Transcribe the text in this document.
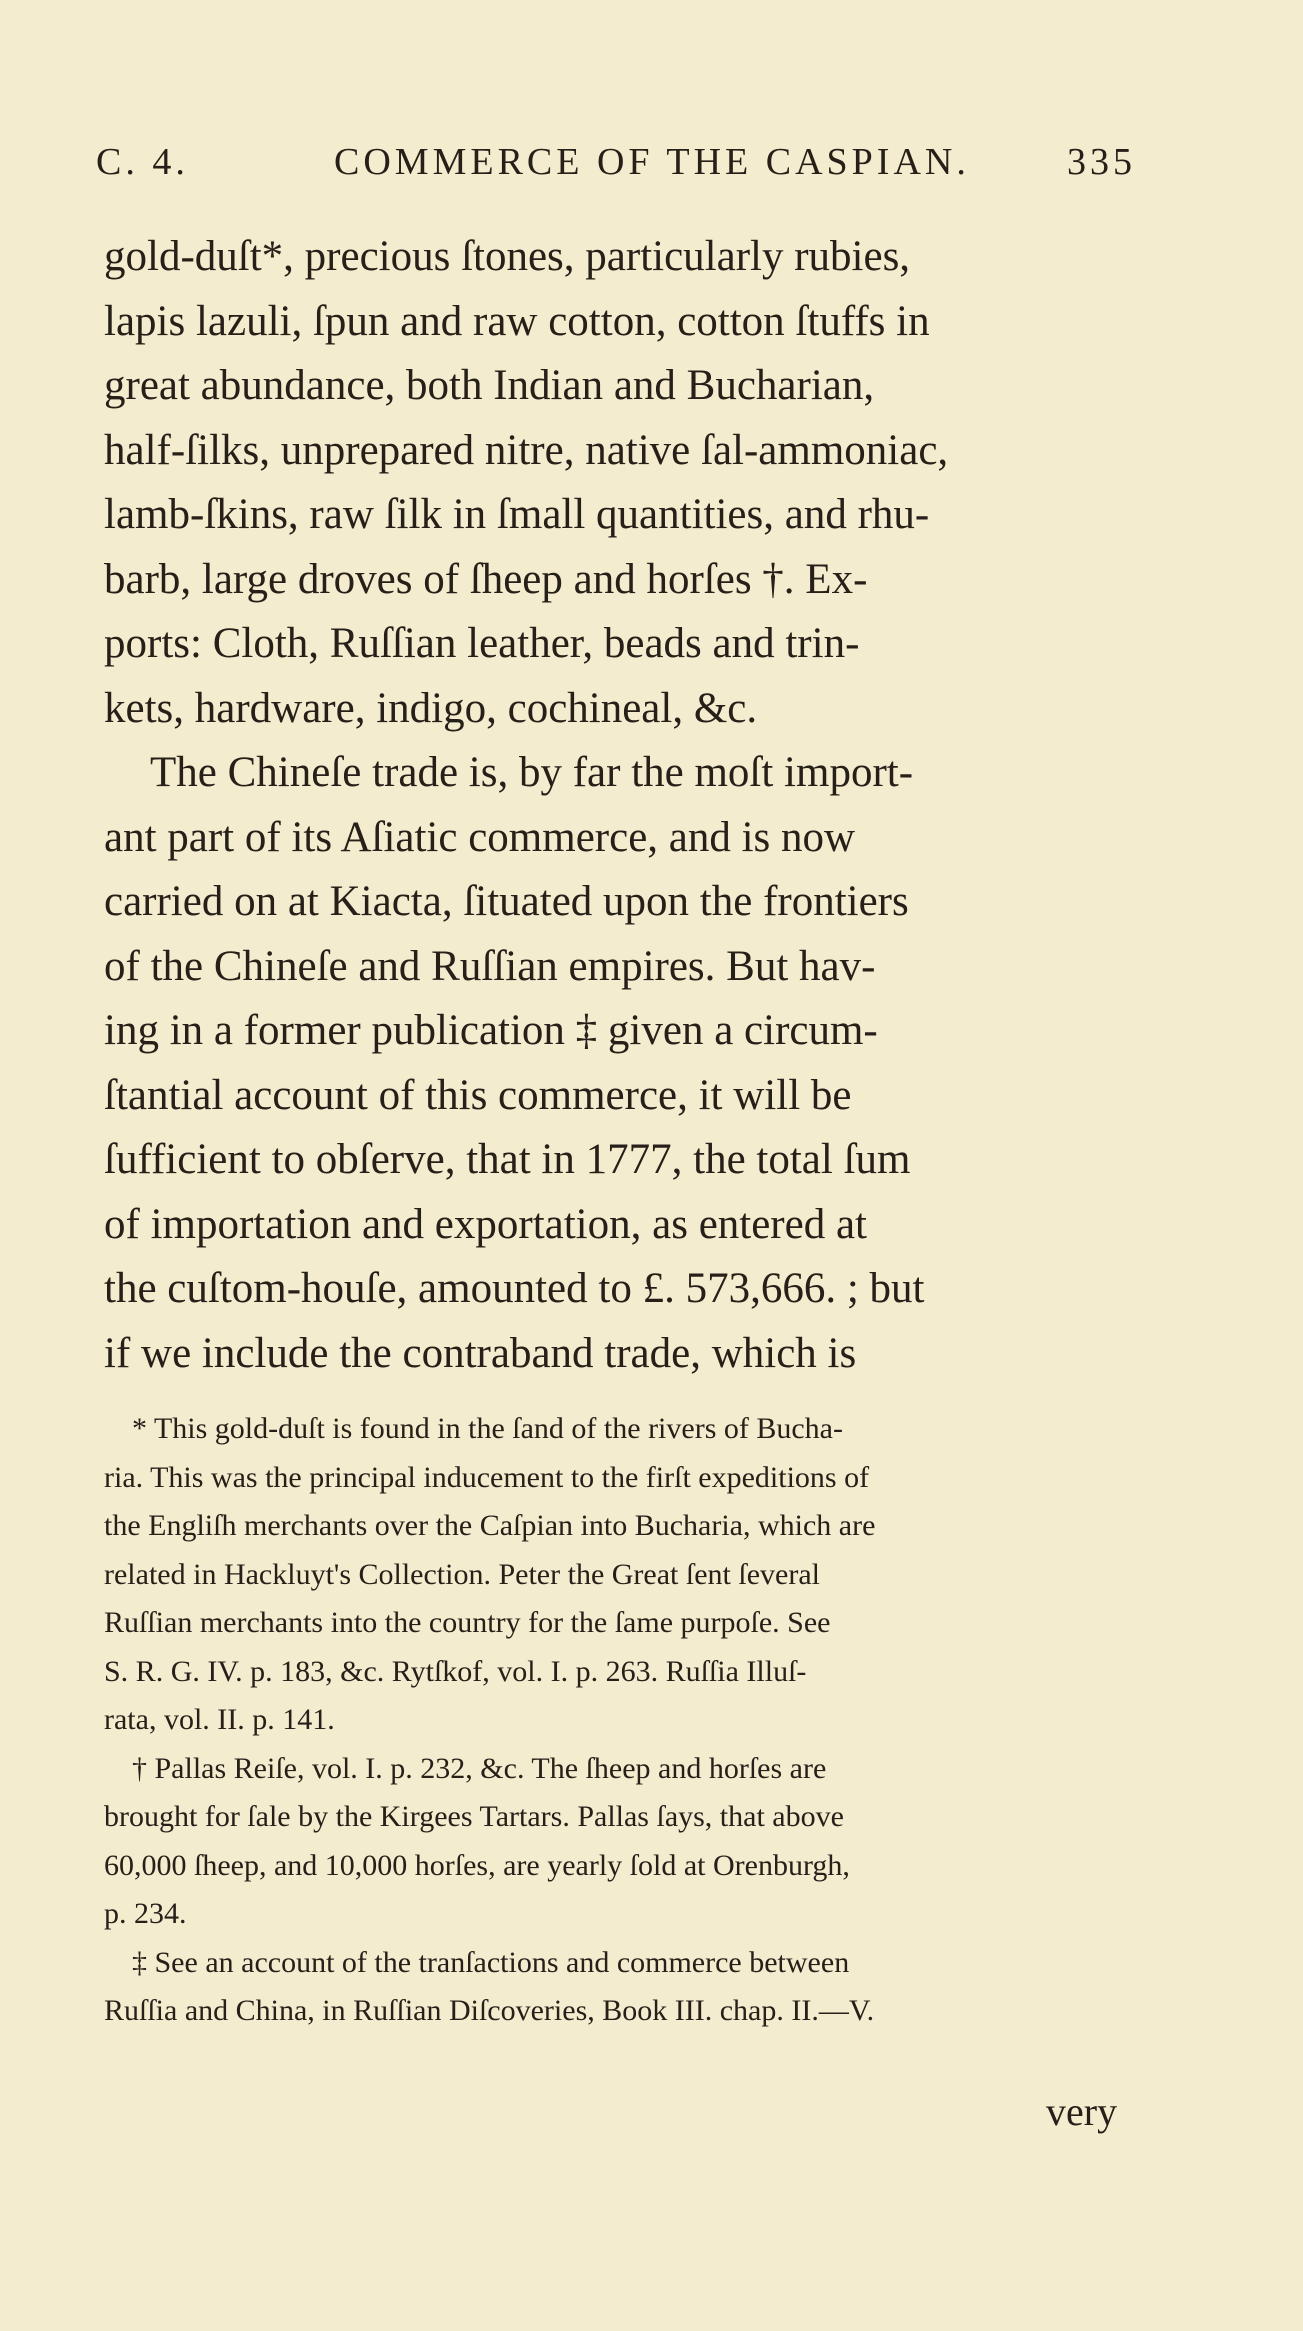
C. 4.	COMMERCE OF THE CASPIAN.	335
gold-duſt*, precious ſtones, particularly rubies,
lapis lazuli, ſpun and raw cotton, cotton ſtuffs in
great abundance, both Indian and Bucharian,
half-ſilks, unprepared nitre, native ſal-ammoniac,
lamb-ſkins, raw ſilk in ſmall quantities, and rhu-
barb, large droves of ſheep and horſes †. Ex-
ports: Cloth, Ruſſian leather, beads and trin-
kets, hardware, indigo, cochineal, &c.
The Chineſe trade is, by far the moſt import-
ant part of its Aſiatic commerce, and is now
carried on at Kiacta, ſituated upon the frontiers
of the Chineſe and Ruſſian empires. But hav-
ing in a former publication ‡ given a circum-
ſtantial account of this commerce, it will be
ſufficient to obſerve, that in 1777, the total ſum
of importation and exportation, as entered at
the cuſtom-houſe, amounted to £. 573,666. ; but
if we include the contraband trade, which is
* This gold-duſt is found in the ſand of the rivers of Bucha-
ria. This was the principal inducement to the firſt expeditions of
the Engliſh merchants over the Caſpian into Bucharia, which are
related in Hackluyt's Collection. Peter the Great ſent ſeveral
Ruſſian merchants into the country for the ſame purpoſe. See
S. R. G. IV. p. 183, &c. Rytſkof, vol. I. p. 263. Ruſſia Illuſ-
rata, vol. II. p. 141.
† Pallas Reiſe, vol. I. p. 232, &c. The ſheep and horſes are
brought for ſale by the Kirgees Tartars. Pallas ſays, that above
60,000 ſheep, and 10,000 horſes, are yearly ſold at Orenburgh,
p. 234.
‡ See an account of the tranſactions and commerce between
Ruſſia and China, in Ruſſian Diſcoveries, Book III. chap. II.—V.
very
